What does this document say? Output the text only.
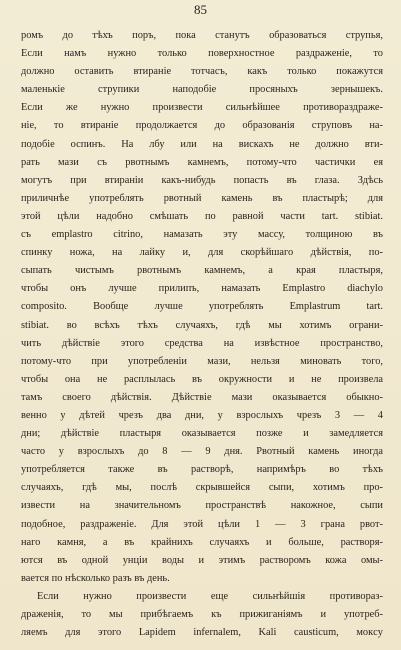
85
ромъ до тѣхъ поръ, пока станутъ образоваться струпья,
Если намъ нужно только поверхностное раздраженіе, то
должно оставить втираніе тотчасъ, какъ только покажутся
маленькіе струпики наподобіе просяныхъ зернышекъ.
Если же нужно произвести сильнѣйшее противораздраже-
ніе, то втираніе продолжается до образованія струповъ на-
подобіе оспинъ. На лбу или на вискахъ не должно вти-
рать мази съ рвотнымъ камнемъ, потому-что частички ея
могутъ при втираніи какъ-нибудь попасть въ глаза. Здѣсь
приличнѣе употреблять рвотный камень въ пластырѣ; для
этой цѣли надобно смѣшать по равной части tart. stibiat.
съ emplastro citrino, намазать эту массу, толщиною въ
спинку ножа, на лайку и, для скорѣйшаго дѣйствія, по-
сыпать чистымъ рвотнымъ камнемъ, а края пластыря,
чтобы онъ лучше прилипъ, намазать Emplastro diachylo
composito. Вообще лучше употреблять Emplastrum tart.
stibiat. во всѣхъ тѣхъ случаяхъ, гдѣ мы хотимъ ограни-
чить дѣйствіе этого средства на извѣстное пространство,
потому-что при употребленіи мази, нельзя миновать того,
чтобы она не расплылась въ окружности и не произвела
тамъ своего дѣйствія. Дѣйствіе мази оказывается обыкно-
венно у дѣтей чрезъ два дни, у взрослыхъ чрезъ 3 — 4
дни; дѣйствіе пластыря оказывается позже и замедляется
часто у взрослыхъ до 8 — 9 дня. Рвотный камень иногда
употребляется также въ растворѣ, напримѣръ во тѣхъ
случаяхъ, гдѣ мы, послѣ скрывшейся сыпи, хотимъ про-
извести на значительномъ пространствѣ накожное, сыпи
подобное, раздраженіе. Для этой цѣли 1 — 3 грана рвот-
наго камня, а въ крайнихъ случаяхъ и больше, растворя-
ются въ одной унціи воды и этимъ растворомъ кожа омы-
вается по нѣсколько разъ въ день.
Если нужно произвести еще сильнѣйшія противораз-
драженія, то мы прибѣгаемъ къ прижиганіямъ и употреб-
ляемъ для этого Lapidem infernalem, Kali causticum, мокcу
